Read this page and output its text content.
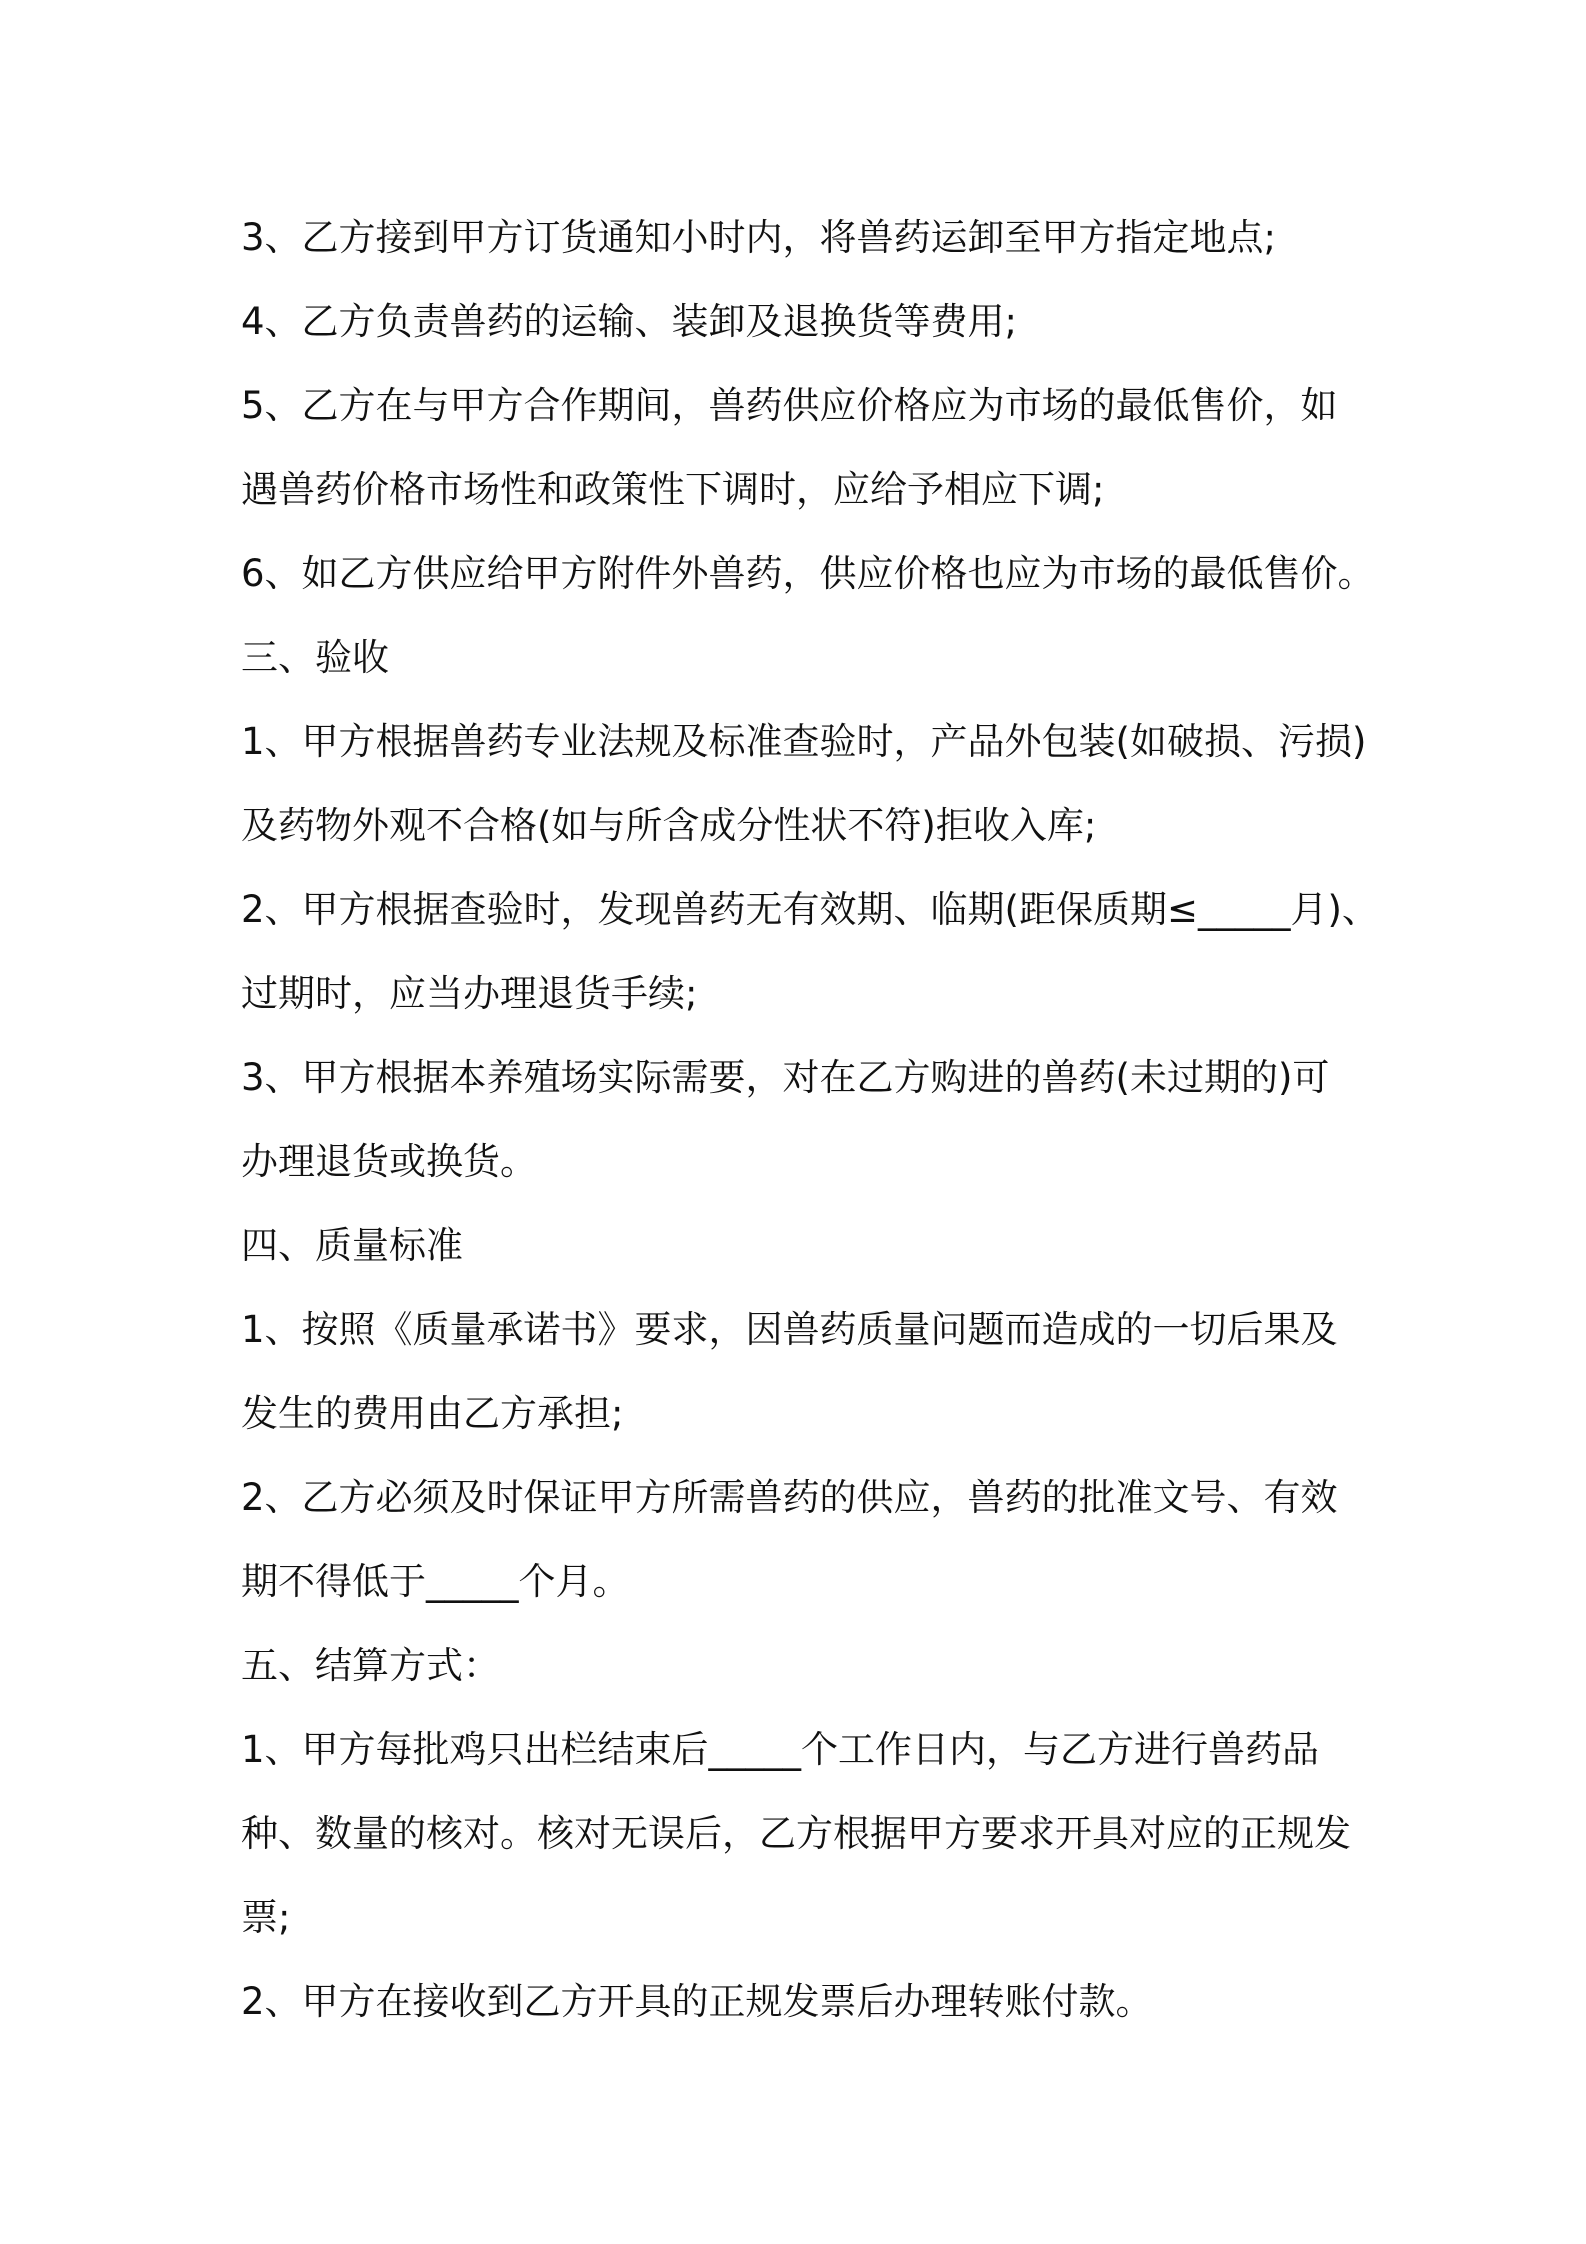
3、乙方接到甲方订货通知小时内，将兽药运卸至甲方指定地点;
4、乙方负责兽药的运输、装卸及退换货等费用;
5、乙方在与甲方合作期间，兽药供应价格应为市场的最低售价，如
遇兽药价格市场性和政策性下调时，应给予相应下调;
6、如乙方供应给甲方附件外兽药，供应价格也应为市场的最低售价。
三、验收
1、甲方根据兽药专业法规及标准查验时，产品外包装(如破损、污损)
及药物外观不合格(如与所含成分性状不符)拒收入库;
2、甲方根据查验时，发现兽药无有效期、临期(距保质期≤_____月)、
过期时，应当办理退货手续;
3、甲方根据本养殖场实际需要，对在乙方购进的兽药(未过期的)可
办理退货或换货。
四、质量标准
1、按照《质量承诺书》要求，因兽药质量问题而造成的一切后果及
发生的费用由乙方承担;
2、乙方必须及时保证甲方所需兽药的供应，兽药的批准文号、有效
期不得低于_____个月。
五、结算方式：
1、甲方每批鸡只出栏结束后_____个工作日内，与乙方进行兽药品
种、数量的核对。核对无误后，乙方根据甲方要求开具对应的正规发
票;
2、甲方在接收到乙方开具的正规发票后办理转账付款。
